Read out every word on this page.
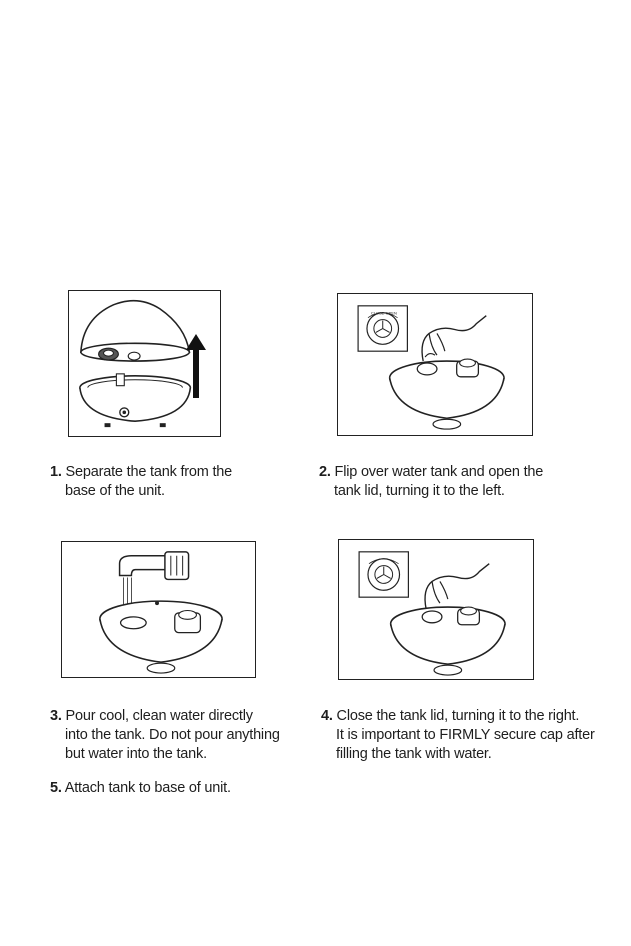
CLOSE OPEN
1. Separate the tank from the
base of the unit.
2. Flip over water tank and open the
tank lid, turning it to the left.
3. Pour cool, clean water directly
into the tank. Do not pour anything
but water into the tank.
4. Close the tank lid, turning it to the right.
It is important to FIRMLY secure cap after
filling the tank with water.
5. Attach tank to base of unit.
